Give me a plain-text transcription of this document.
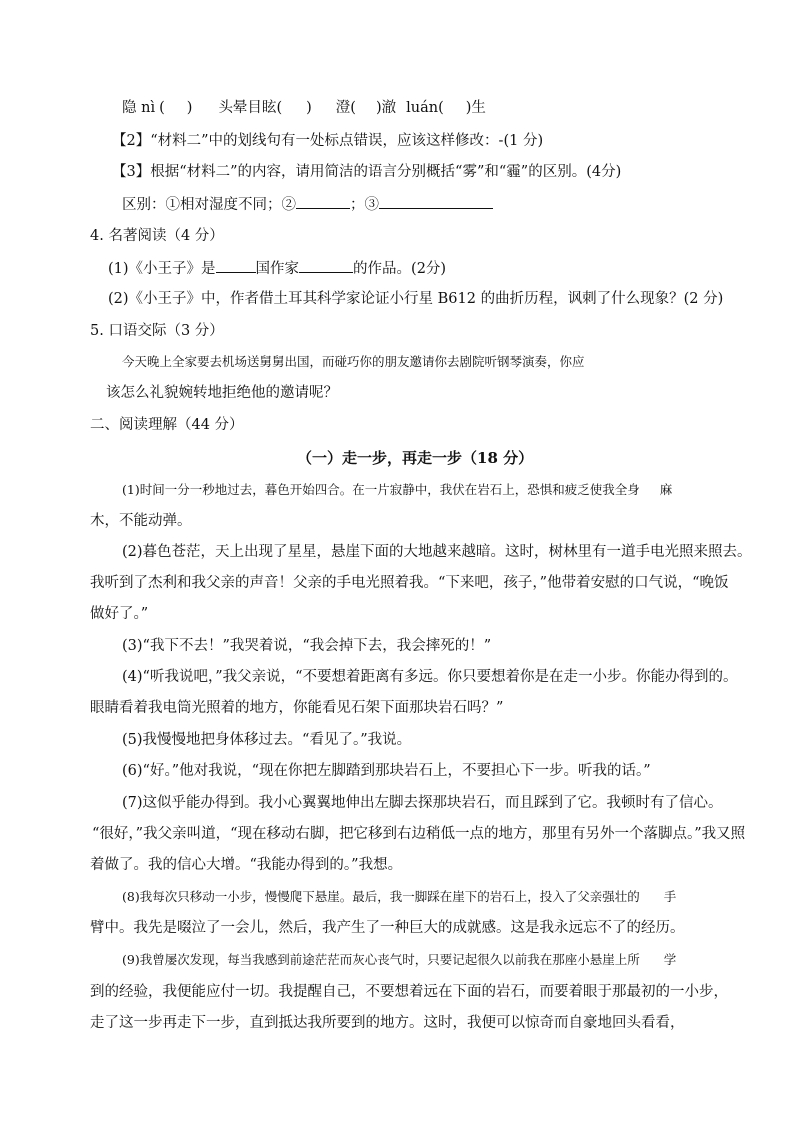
隐 nì ( ) 头晕目眩( ) 澄( )澈 luán( )生
【2】“材料二”中的划线句有一处标点错误，应该这样修改：-(1 分)
【3】根据“材料二”的内容，请用简洁的语言分别概括“雾”和“霾”的区别。(4分)
区别：①相对湿度不同；②	；③
4. 名著阅读（4 分）
(1)《小王子》是	国作家	的作品。(2分)
(2)《小王子》中，作者借土耳其科学家论证小行星 B612 的曲折历程，讽刺了什么现象？(2 分)
5. 口语交际（3 分）
今天晚上全家要去机场送舅舅出国，而碰巧你的朋友邀请你去剧院听钢琴演奏，你应
该怎么礼貌婉转地拒绝他的邀请呢？
二、阅读理解（44 分）
（一）走一步，再走一步（18 分）
(1)时间一分一秒地过去，暮色开始四合。在一片寂静中，我伏在岩石上，恐惧和疲乏使我全身 麻
木，不能动弹。
(2)暮色苍茫，天上出现了星星，悬崖下面的大地越来越暗。这时，树林里有一道手电光照来照去。
我听到了杰利和我父亲的声音！父亲的手电光照着我。“下来吧，孩子，”他带着安慰的口气说，“晚饭
做好了。”
(3)“我下不去！”我哭着说，“我会掉下去，我会摔死的！”
(4)“听我说吧，”我父亲说，“不要想着距离有多远。你只要想着你是在走一小步。你能办得到的。
眼睛看着我电筒光照着的地方，你能看见石架下面那块岩石吗？”
(5)我慢慢地把身体移过去。“看见了。”我说。
(6)“好。”他对我说，“现在你把左脚踏到那块岩石上，不要担心下一步。听我的话。”
(7)这似乎能办得到。我小心翼翼地伸出左脚去探那块岩石，而且踩到了它。我顿时有了信心。
“很好，”我父亲叫道，“现在移动右脚，把它移到右边稍低一点的地方，那里有另外一个落脚点。”我又照
着做了。我的信心大增。“我能办得到的。”我想。
(8)我每次只移动一小步，慢慢爬下悬崖。最后，我一脚踩在崖下的岩石上，投入了父亲强壮的 手
臂中。我先是啜泣了一会儿，然后，我产生了一种巨大的成就感。这是我永远忘不了的经历。
(9)我曾屡次发现，每当我感到前途茫茫而灰心丧气时，只要记起很久以前我在那座小悬崖上所 学
到的经验，我便能应付一切。我提醒自己，不要想着远在下面的岩石，而要着眼于那最初的一小步，
走了这一步再走下一步，直到抵达我所要到的地方。这时，我便可以惊奇而自豪地回头看看，
